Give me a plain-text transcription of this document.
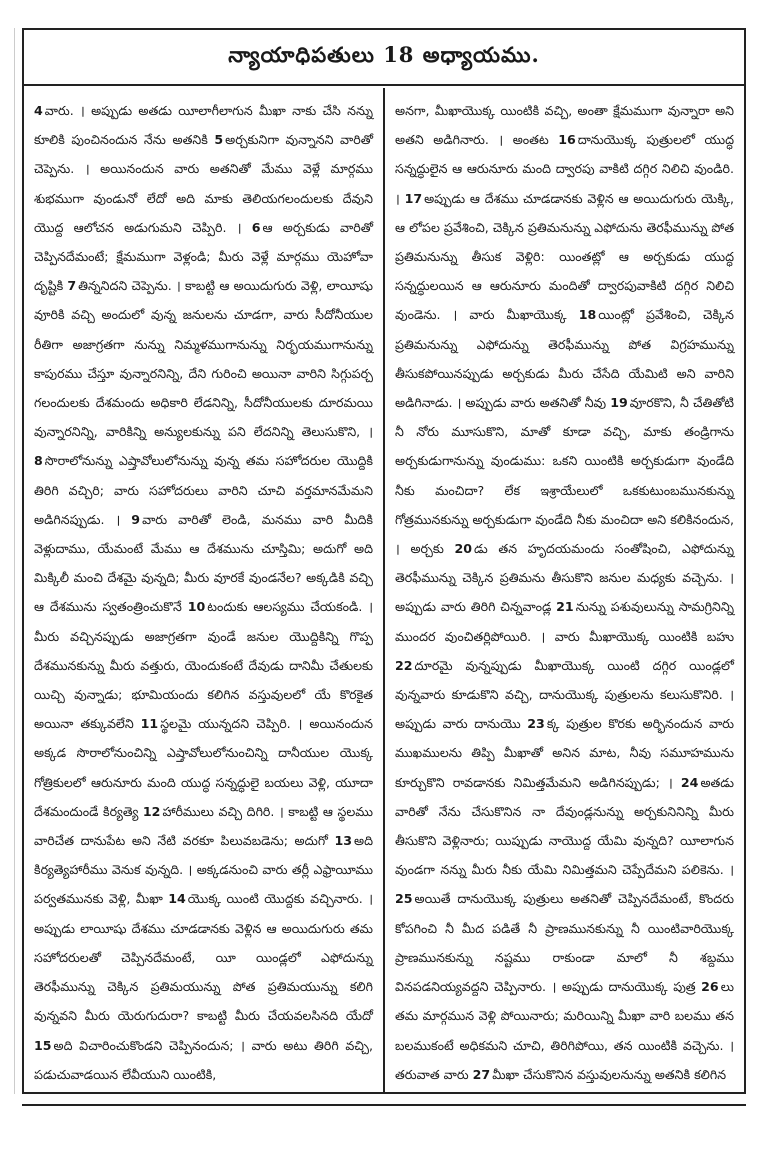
న్యాయాధిపతులు 18 అధ్యాయము.
4 వారు. । అప్పుడు అతడు యీలాగీలాగున మీఖా నాకు చేసి నన్ను కూలికి పుంచినందున నేను అతనికి 5 అర్చకునిగా వున్నానని వారితో చెప్పెను. । అయినందున వారు అతనితో మేము వెళ్లే మార్గము శుభముగా వుండునో లేదో అది మాకు తెలియగలందులకు దేవుని యొద్ద ఆలోచన అడుగుమని చెప్పిరి. । 6 ఆ అర్చకుడు వారితో చెప్పినదేమంటే; క్షేమముగా వెళ్లండి; మీరు వెళ్లే మార్గము యెహోవా దృష్టికి 7 తిన్ననిదని చెప్పెను. । కాబట్టి ఆ అయిదుగురు వెళ్లి, లాయీషు వూరికి వచ్చి అందులో వున్న జనులను చూడగా, వారు సీదోనీయుల రీతిగా అజాగ్రతగా నున్ను నిమ్మళముగానున్ను నిర్భయముగానున్ను కాపురము చేస్తూ వున్నారనిన్ని, దేని గురించి అయినా వారిని సిగ్గుపర్చ గలందులకు దేశమందు అధికారి లేడనిన్ని, సీదోనీయులకు దూరమయి వున్నారనిన్ని, వారికిన్ని అన్యులకున్ను పని లేదనిన్ని తెలుసుకొని, । 8 సొరాలోనున్ను ఎష్తావోలులోనున్ను వున్న తమ సహోదరుల యొద్దికి తిరిగి వచ్చిరి; వారు సహోదరులు వారిని చూచి వర్తమానమేమని అడిగినప్పుడు. । 9 వారు వారితో లెండి, మనము వారి మీదికి వెళ్లుదాము, యేమంటే మేము ఆ దేశమును చూస్తిమి; అదుగో అది మిక్కిలీ మంచి దేశమై వున్నది; మీరు వూరకే వుండనేల? అక్కడికి వచ్చి ఆ దేశమును స్వతంత్రించుకొనే 10 టందుకు ఆలస్యము చేయకండి. । మీరు వచ్చినప్పుడు అజాగ్రతగా వుండే జనుల యొద్దికిన్ని గొప్ప దేశమునకున్ను మీరు వత్తురు, యెందుకంటే దేవుడు దానిమీ చేతులకు యిచ్చి వున్నాడు; భూమియందు కలిగిన వస్తువులలో యే కొరకైత అయినా తక్కువలేని 11 స్థలమై యున్నదని చెప్పిరి. । అయినందున అక్కడ సొరాలోనుంచిన్ని ఎష్తావోలులోనుంచిన్ని దానీయుల యొక్క గోత్రికులలో ఆరునూరు మంది యుద్ధ సన్నద్ధులై బయలు వెళ్లి, యూదా దేశమందుండే కిర్యత్యె 12 హారీములు వచ్చి దిగిరి. । కాబట్టి ఆ స్థలము వారిచేత దానుపేట అని నేటి వరకూ పిలువబడెను; అదుగో 13 అది కిర్యత్యెహారీము వెనుక వున్నది. । అక్కడనుంచి వారు తర్లీ ఎఫ్రాయీము పర్వతమునకు వెళ్లి, మీఖా 14 యొక్క యింటి యొద్దకు వచ్చినారు. । అప్పుడు లాయీషు దేశము చూడడానకు వెళ్లిన ఆ అయిదుగురు తమ సహోదరులతో చెప్పినదేమంటే, యీ యిండ్లలో ఎఫోదున్ను తెరఫీమున్ను చెక్కిన ప్రతిమయున్ను పోత ప్రతిమయున్ను కలిగి వున్నవని మీరు యెరుగుదురా? కాబట్టి మీరు చేయవలసినది యేదో 15 అది విచారించుకొండని చెప్పినందున; । వారు అటు తిరిగి వచ్చి, పడుచువాడయిన లేవీయుని యింటికి,
అనగా, మీఖాయొక్క యింటికి వచ్చి, అంతా క్షేమముగా వున్నారా అని అతని అడిగినారు. । అంతట 16 దానుయొక్క పుత్రులలో యుద్ధ సన్నద్ధులైన ఆ ఆరునూరు మంది ద్వారపు వాకిటి దగ్గిర నిలిచి వుండిరి. । 17 అప్పుడు ఆ దేశము చూడడానకు వెళ్లిన ఆ అయిదుగురు యెక్కి, ఆ లోపల ప్రవేశించి, చెక్కిన ప్రతిమనున్ను ఎఫోదును తెరఫీమున్ను పోత ప్రతిమనున్ను తీసుక వెళ్లిరి: యింతట్లో ఆ అర్చకుడు యుద్ధ సన్నద్ధులయిన ఆ ఆరునూరు మందితో ద్వారపువాకిటి దగ్గిర నిలిచి వుండెను. । వారు మీఖాయొక్క 18 యింట్లో ప్రవేశించి, చెక్కిన ప్రతిమనున్ను ఎఫోదున్ను తెరఫీమున్ను పోత విగ్రహమున్ను తీసుకపోయినప్పుడు అర్చకుడు మీరు చేసేది యేమిటి అని వారిని అడిగినాడు. । అప్పుడు వారు అతనితో నీవు 19 వూరకొని, నీ చేతితోటి నీ నోరు మూసుకొని, మాతో కూడా వచ్చి, మాకు తండ్రిగాను అర్చకుడుగానున్ను వుండుము: ఒకని యింటికి అర్చకుడుగా వుండేది నీకు మంచిదా? లేక ఇశ్రాయేలులో ఒకకుటుంబమునకున్ను గోత్రమునకున్ను అర్చకుడుగా వుండేది నీకు మంచిదా అని కలికినందున, । అర్చకు 20 డు తన హృదయమందు సంతోషించి, ఎఫోదున్ను తెరఫీమున్ను చెక్కిన ప్రతిమను తీసుకొని జనుల మధ్యకు వచ్చెను. । అప్పుడు వారు తిరిగి చిన్నవాండ్ల 21 నున్ను పశువులున్ను సామగ్రినిన్ని ముందర వుంచితర్లిపోయిరి. । వారు మీఖాయొక్క యింటికి బహు 22 దూరమై వున్నప్పుడు మీఖాయొక్క యింటి దగ్గిర యిండ్లలో వున్నవారు కూడుకొని వచ్చి, దానుయొక్క పుత్రులను కలుసుకొనిరి. । అప్పుడు వారు దానుయొ 23 క్క పుత్రుల కొరకు అర్భినందున వారు ముఖములను తిప్పి మీఖాతో అనిన మాట, నీవు సమూహమును కూర్చుకొని రావడానకు నిమిత్తమేమని అడిగినప్పుడు; । 24 అతడు వారితో నేను చేసుకొనిన నా దేవుండ్లనున్ను అర్చకునినిన్ని మీరు తీసుకొని వెళ్లినారు; యిప్పుడు నాయొద్ద యేమి వున్నది? యీలాగున వుండగా నన్ను మీరు నీకు యేమి నిమిత్తమని చెప్పేదేమని పలికెను. । 25 అయితే దానుయొక్క పుత్రులు అతనితో చెప్పినదేమంటే, కొందరు కోపగించి నీ మీద పడితే నీ ప్రాణమునకున్ను నీ యింటివారియొక్క ప్రాణమునకున్ను నష్టము రాకుండా మాలో నీ శబ్దము వినపడనియ్యవద్దని చెప్పినారు. । అప్పుడు దానుయొక్క పుత్ర 26 లు తమ మార్గమున వెళ్లి పోయినారు; మరియిన్ని మీఖా వారి బలము తన బలముకంటే అధికమని చూచి, తిరిగిపోయి, తన యింటికి వచ్చెను. । తరువాత వారు 27 మీఖా చేసుకొనిన వస్తువులనున్ను అతనికి కలిగిన
